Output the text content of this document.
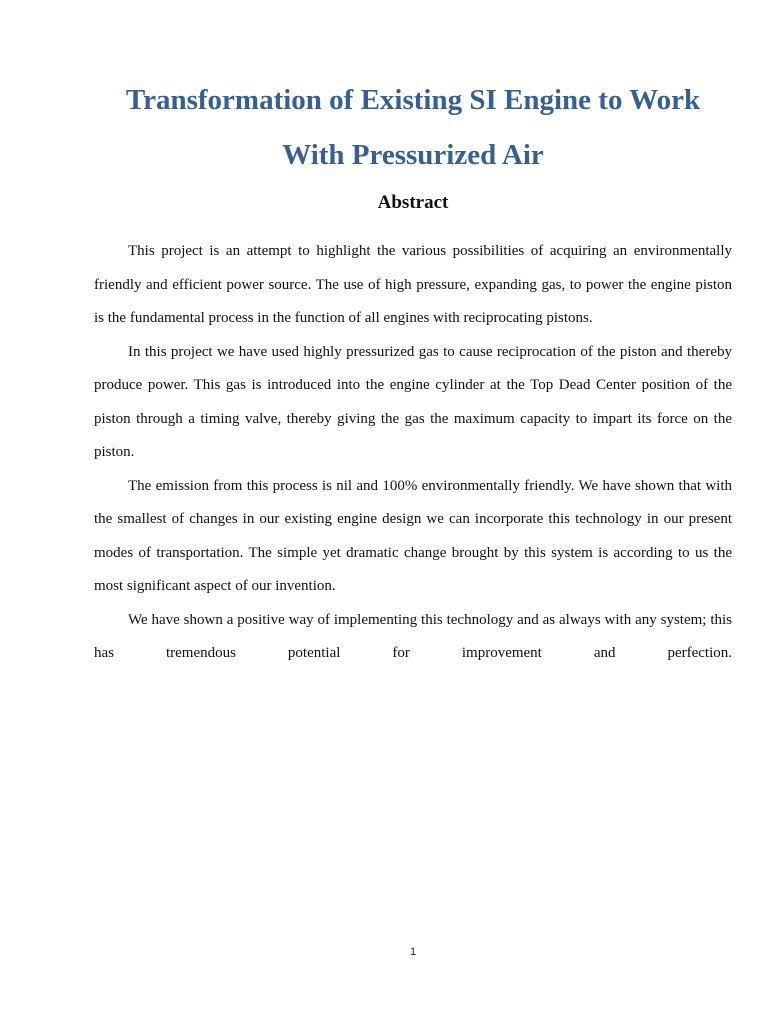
Transformation of Existing SI Engine to Work
With Pressurized Air
Abstract

This project is an attempt to highlight the various possibilities of acquiring an environmentally friendly and efficient power source. The use of high pressure, expanding gas, to power the engine piston is the fundamental process in the function of all engines with reciprocating pistons.

In this project we have used highly pressurized gas to cause reciprocation of the piston and thereby produce power. This gas is introduced into the engine cylinder at the Top Dead Center position of the piston through a timing valve, thereby giving the gas the maximum capacity to impart its force on the piston.

The emission from this process is nil and 100% environmentally friendly. We have shown that with the smallest of changes in our existing engine design we can incorporate this technology in our present modes of transportation. The simple yet dramatic change brought by this system is according to us the most significant aspect of our invention.

We have shown a positive way of implementing this technology and as always with any system; this has tremendous potential for improvement and perfection.

1
